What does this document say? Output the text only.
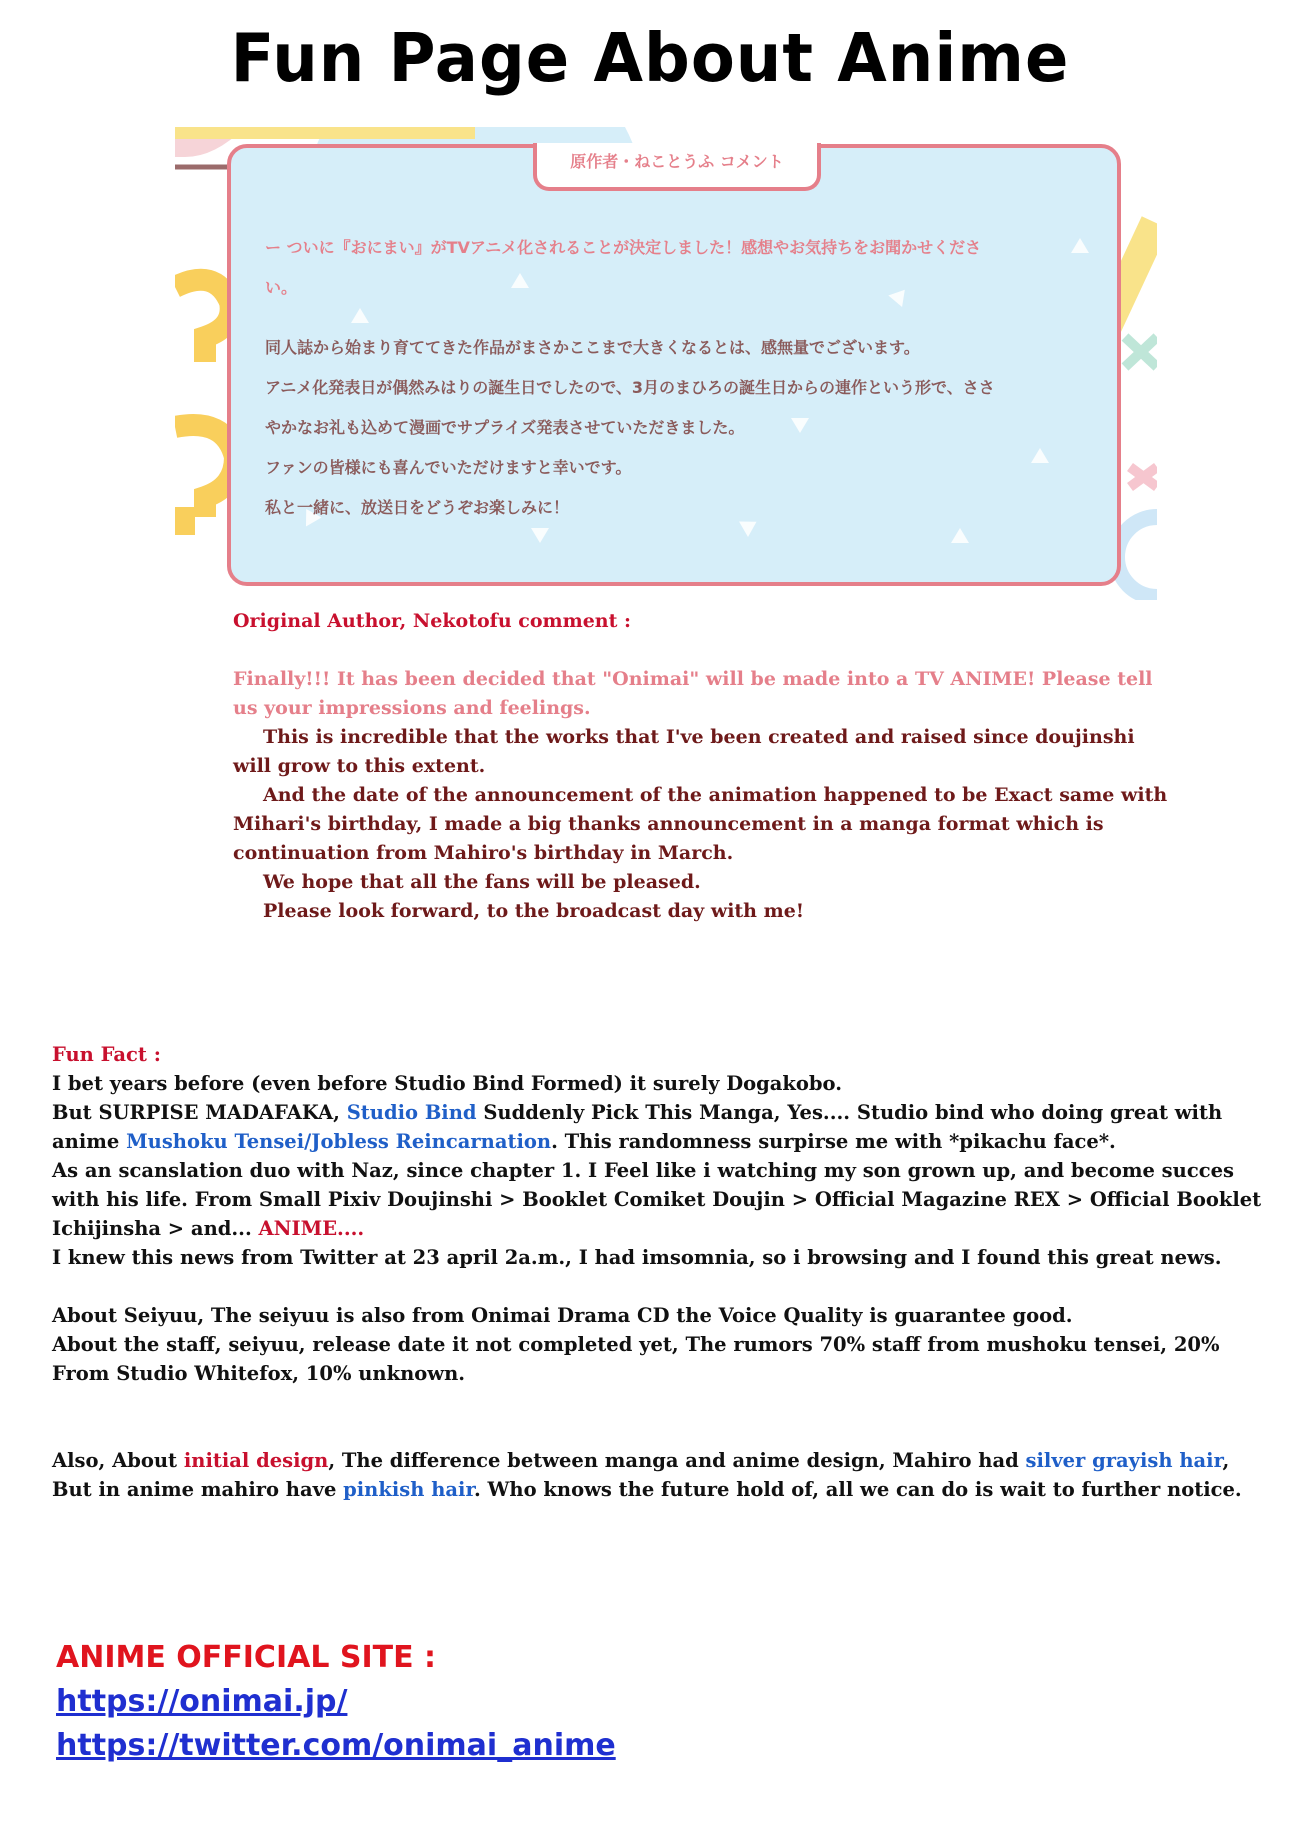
Fun Page About Anime
原作者・ねことうふ コメント
ー ついに『おにまい』がTVアニメ化されることが決定しました！感想やお気持ちをお聞かせくださ
い。
同人誌から始まり育ててきた作品がまさかここまで大きくなるとは、感無量でございます。
アニメ化発表日が偶然みはりの誕生日でしたので、3月のまひろの誕生日からの連作という形で、ささ
やかなお礼も込めて漫画でサプライズ発表させていただきました。
ファンの皆様にも喜んでいただけますと幸いです。
私と一緒に、放送日をどうぞお楽しみに！
Original Author, Nekotofu comment :
Finally!!! It has been decided that "Onimai" will be made into a TV ANIME! Please tell us your impressions and feelings.
This is incredible that the works that I've been created and raised since doujinshi will grow to this extent.
And the date of the announcement of the animation happened to be Exact same with Mihari's birthday, I made a big thanks announcement in a manga format which is continuation from Mahiro's birthday in March.
We hope that all the fans will be pleased.
Please look forward, to the broadcast day with me!
Fun Fact :
I bet years before (even before Studio Bind Formed) it surely Dogakobo.
But SURPISE MADAFAKA, Studio Bind Suddenly Pick This Manga, Yes.... Studio bind who doing great with anime Mushoku Tensei/Jobless Reincarnation. This randomness surpirse me with *pikachu face*.
As an scanslation duo with Naz, since chapter 1. I Feel like i watching my son grown up, and become succes with his life. From Small Pixiv Doujinshi > Booklet Comiket Doujin > Official Magazine REX > Official Booklet Ichijinsha > and... ANIME....
I knew this news from Twitter at 23 april 2a.m., I had imsomnia, so i browsing and I found this great news.
About Seiyuu, The seiyuu is also from Onimai Drama CD the Voice Quality is guarantee good.
About the staff, seiyuu, release date it not completed yet, The rumors 70% staff from mushoku tensei, 20% From Studio Whitefox, 10% unknown.
Also, About initial design, The difference between manga and anime design, Mahiro had silver grayish hair, But in anime mahiro have pinkish hair. Who knows the future hold of, all we can do is wait to further notice.
ANIME OFFICIAL SITE :
https://onimai.jp/
https://twitter.com/onimai_anime
